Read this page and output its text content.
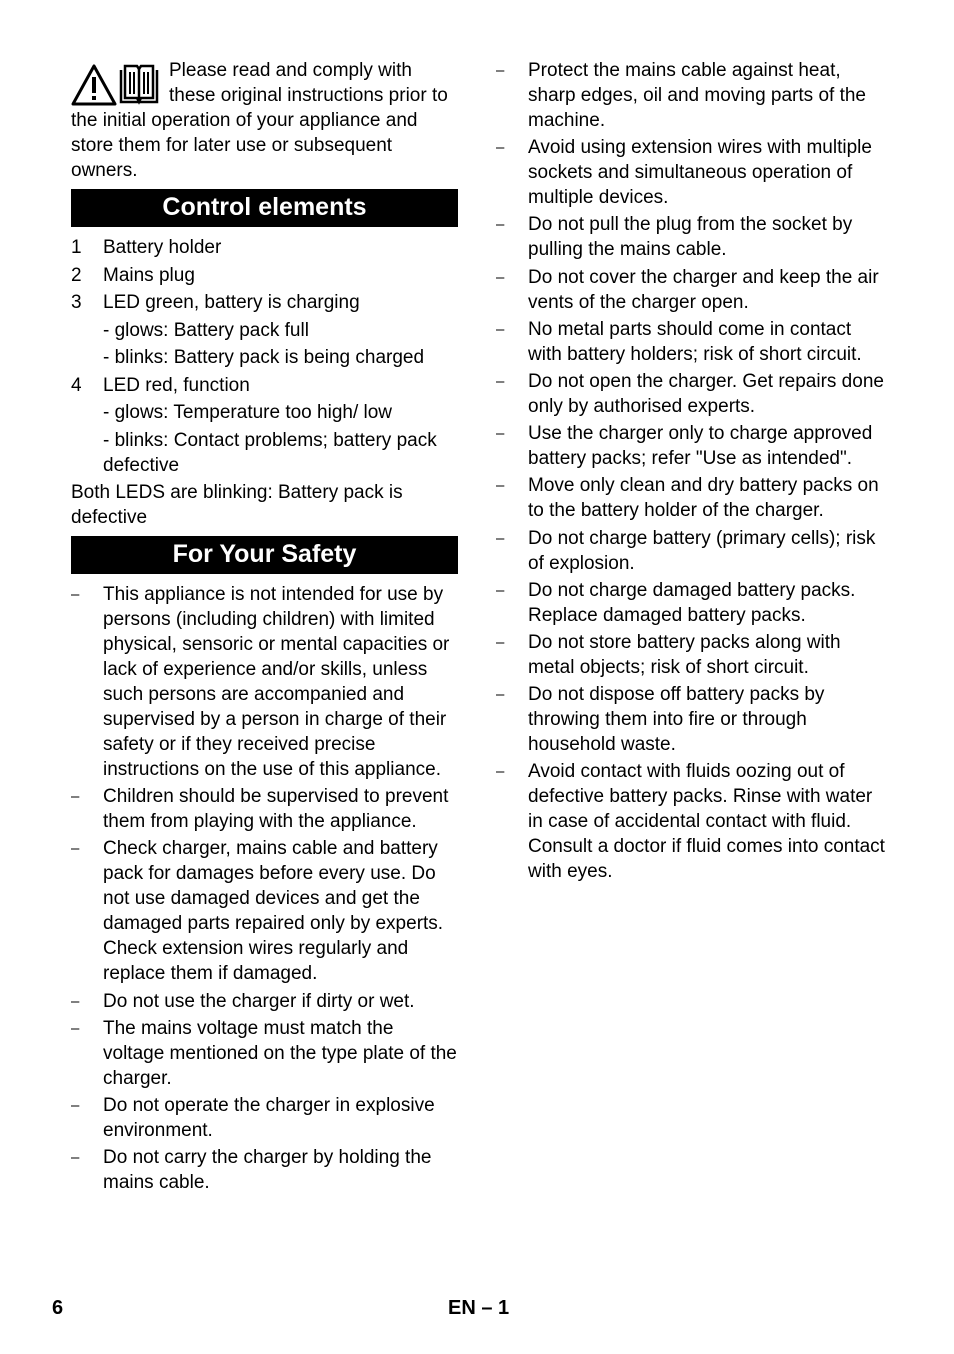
Please read and comply with these original instructions prior to the initial operation of your appliance and store them for later use or subsequent owners.
Control elements
1	Battery holder
2	Mains plug
3	LED green, battery is charging
- glows: Battery pack full
- blinks: Battery pack is being charged
4	LED red, function
- glows: Temperature too high/ low
- blinks: Contact problems; battery pack defective
Both LEDS are blinking: Battery pack is defective
For Your Safety
–	This appliance is not intended for use by persons (including children) with limited physical, sensoric or mental capacities or lack of experience and/or skills, unless such persons are accompanied and supervised by a person in charge of their safety or if they received precise instructions on the use of this appliance.
–	Children should be supervised to prevent them from playing with the appliance.
–	Check charger, mains cable and battery pack for damages before every use. Do not use damaged devices and get the damaged parts repaired only by experts. Check extension wires regularly and replace them if damaged.
–	Do not use the charger if dirty or wet.
–	The mains voltage must match the voltage mentioned on the type plate of the charger.
–	Do not operate the charger in explosive environment.
–	Do not carry the charger by holding the mains cable.
–	Protect the mains cable against heat, sharp edges, oil and moving parts of the machine.
–	Avoid using extension wires with multiple sockets and simultaneous operation of multiple devices.
–	Do not pull the plug from the socket by pulling the mains cable.
–	Do not cover the charger and keep the air vents of the charger open.
–	No metal parts should come in contact with battery holders; risk of short circuit.
–	Do not open the charger. Get repairs done only by authorised experts.
–	Use the charger only to charge approved battery packs; refer "Use as intended".
–	Move only clean and dry battery packs on to the battery holder of the charger.
–	Do not charge battery (primary cells); risk of explosion.
–	Do not charge damaged battery packs. Replace damaged battery packs.
–	Do not store battery packs along with metal objects; risk of short circuit.
–	Do not dispose off battery packs by throwing them into fire or through household waste.
–	Avoid contact with fluids oozing out of defective battery packs. Rinse with water in case of accidental contact with fluid. Consult a doctor if fluid comes into contact with eyes.
6	EN – 1
